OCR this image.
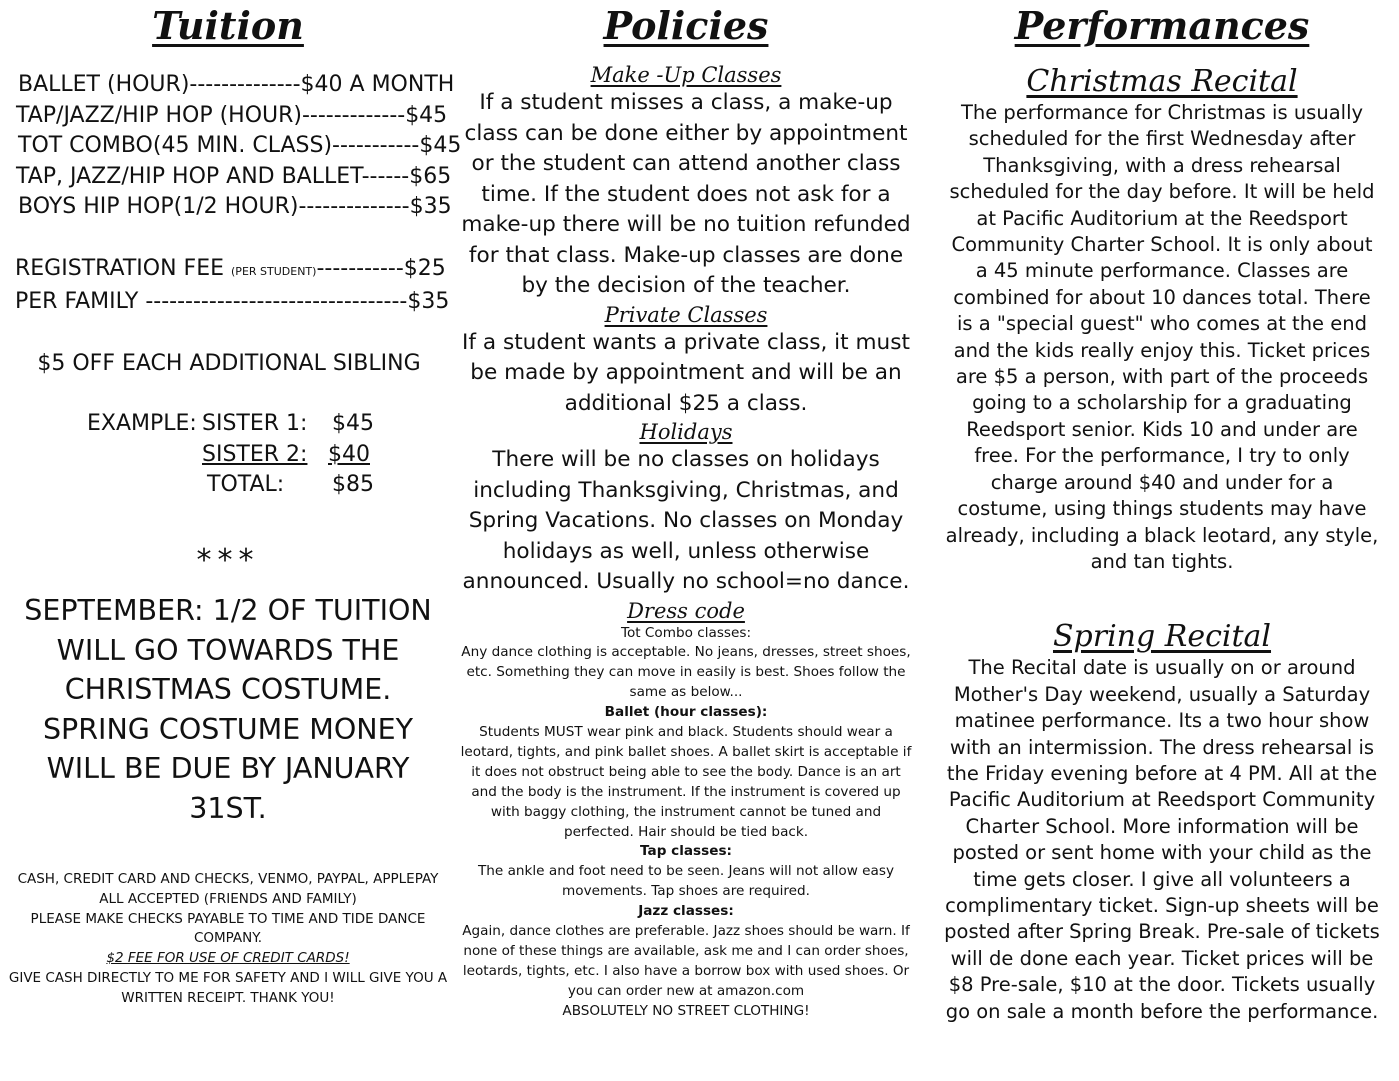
Tuition
BALLET (HOUR)--------------$40 A MONTH
TAP/JAZZ/HIP HOP (HOUR)-------------$45
TOT COMBO(45 MIN. CLASS)-----------$45
TAP, JAZZ/HIP HOP AND BALLET------$65
BOYS HIP HOP(1/2 HOUR)--------------$35
REGISTRATION FEE (PER STUDENT)-----------$25
PER FAMILY ---------------------------------$35
$5 OFF EACH ADDITIONAL SIBLING
EXAMPLE: SISTER 1: $45
SISTER 2: $40
TOTAL: $85
***

SEPTEMBER: 1/2 OF TUITION WILL GO TOWARDS THE CHRISTMAS COSTUME. SPRING COSTUME MONEY WILL BE DUE BY JANUARY 31ST.

CASH, CREDIT CARD AND CHECKS, VENMO, PAYPAL, APPLEPAY ALL ACCEPTED (FRIENDS AND FAMILY)

PLEASE MAKE CHECKS PAYABLE TO TIME AND TIDE DANCE COMPANY.

$2 FEE FOR USE OF CREDIT CARDS!

GIVE CASH DIRECTLY TO ME FOR SAFETY AND I WILL GIVE YOU A WRITTEN RECEIPT. THANK YOU!

Policies
Make -Up Classes

If a student misses a class, a make-up class can be done either by appointment or the student can attend another class time. If the student does not ask for a make-up there will be no tuition refunded for that class. Make-up classes are done by the decision of the teacher.

Private Classes

If a student wants a private class, it must be made by appointment and will be an additional $25 a class.

Holidays

There will be no classes on holidays including Thanksgiving, Christmas, and Spring Vacations. No classes on Monday holidays as well, unless otherwise announced. Usually no school=no dance.

Dress code

Tot Combo classes:

Any dance clothing is acceptable. No jeans, dresses, street shoes, etc. Something they can move in easily is best. Shoes follow the same as below...

Ballet (hour classes):

Students MUST wear pink and black. Students should wear a leotard, tights, and pink ballet shoes. A ballet skirt is acceptable if it does not obstruct being able to see the body. Dance is an art and the body is the instrument. If the instrument is covered up with baggy clothing, the instrument cannot be tuned and perfected. Hair should be tied back.

Tap classes:

The ankle and foot need to be seen. Jeans will not allow easy movements. Tap shoes are required.

Jazz classes:

Again, dance clothes are preferable. Jazz shoes should be warn. If none of these things are available, ask me and I can order shoes, leotards, tights, etc. I also have a borrow box with used shoes. Or you can order new at amazon.com

ABSOLUTELY NO STREET CLOTHING!

Performances
Christmas Recital

The performance for Christmas is usually scheduled for the first Wednesday after Thanksgiving, with a dress rehearsal scheduled for the day before. It will be held at Pacific Auditorium at the Reedsport Community Charter School. It is only about a 45 minute performance. Classes are combined for about 10 dances total. There is a "special guest" who comes at the end and the kids really enjoy this. Ticket prices are $5 a person, with part of the proceeds going to a scholarship for a graduating Reedsport senior. Kids 10 and under are free. For the performance, I try to only charge around $40 and under for a costume, using things students may have already, including a black leotard, any style, and tan tights.

Spring Recital

The Recital date is usually on or around Mother's Day weekend, usually a Saturday matinee performance. Its a two hour show with an intermission. The dress rehearsal is the Friday evening before at 4 PM. All at the Pacific Auditorium at Reedsport Community Charter School. More information will be posted or sent home with your child as the time gets closer. I give all volunteers a complimentary ticket. Sign-up sheets will be posted after Spring Break. Pre-sale of tickets will de done each year. Ticket prices will be $8 Pre-sale, $10 at the door. Tickets usually go on sale a month before the performance.
